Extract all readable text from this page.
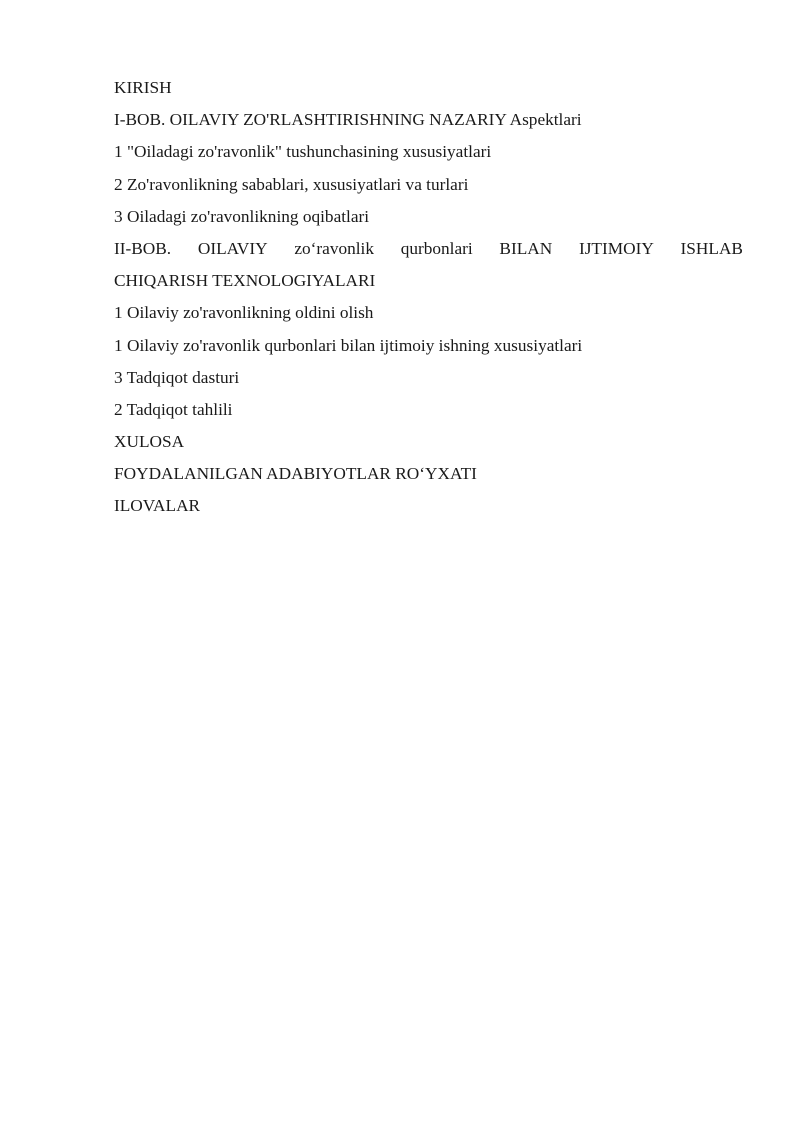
KIRISH
I-BOB. OILAVIY ZO'RLASHTIRISHNING NAZARIY Aspektlari
1 "Oiladagi zo'ravonlik" tushunchasining xususiyatlari
2 Zo'ravonlikning sabablari, xususiyatlari va turlari
3 Oiladagi zo'ravonlikning oqibatlari
II-BOB. OILAVIY zo‘ravonlik qurbonlari BILAN IJTIMOIY ISHLAB
CHIQARISH TEXNOLOGIYALARI
1 Oilaviy zo'ravonlikning oldini olish
1 Oilaviy zo'ravonlik qurbonlari bilan ijtimoiy ishning xususiyatlari
3 Tadqiqot dasturi
2 Tadqiqot tahlili
XULOSA
FOYDALANILGAN ADABIYOTLAR RO‘YXATI
ILOVALAR
